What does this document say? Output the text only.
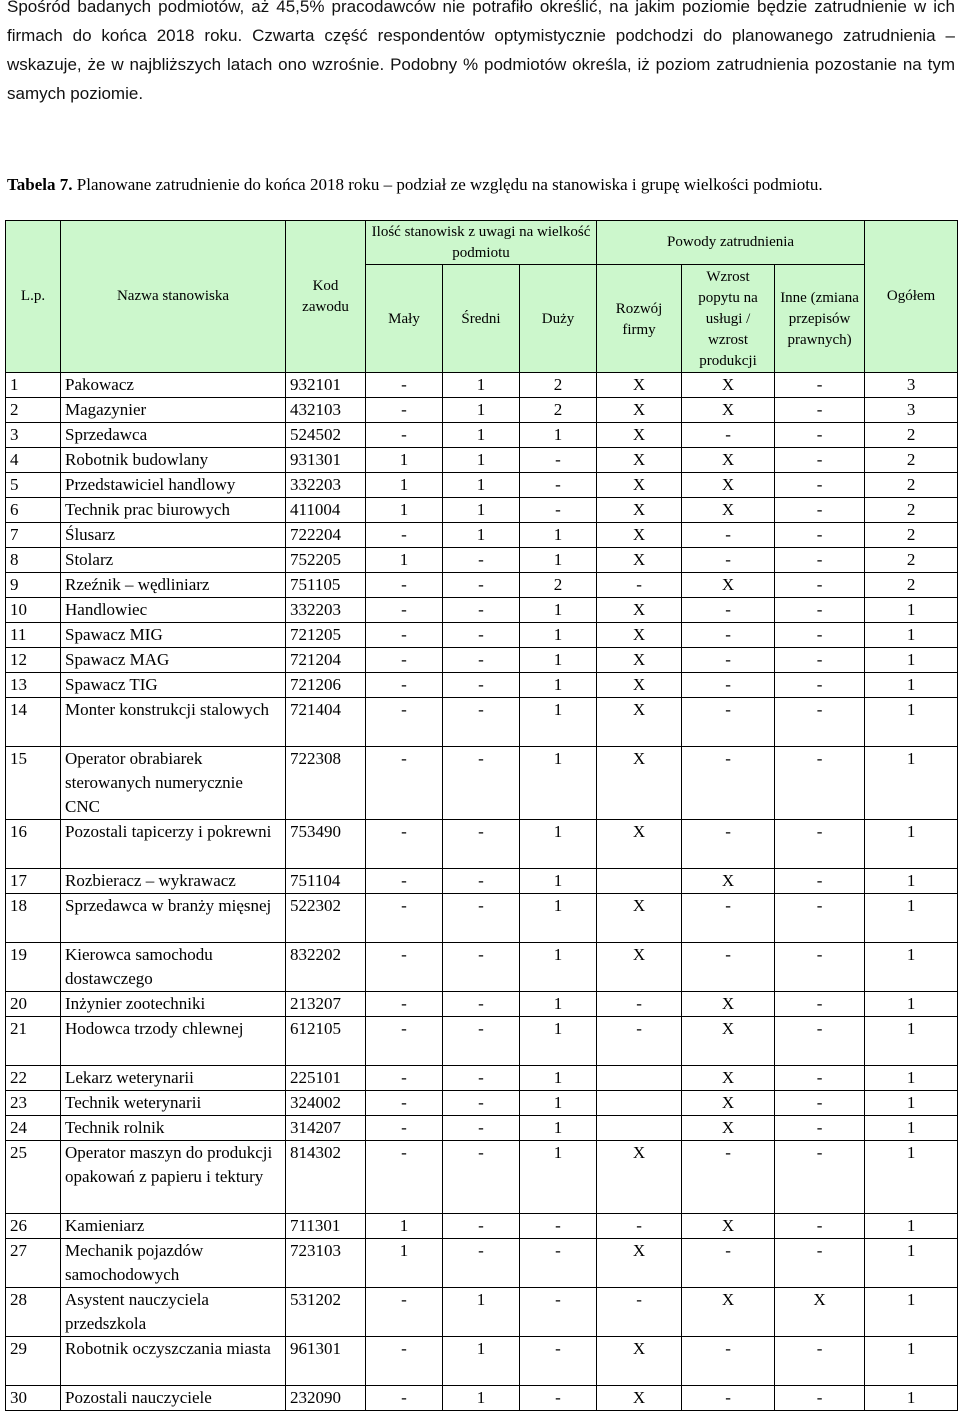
Spośród badanych podmiotów, aż 45,5% pracodawców nie potrafiło określić, na jakim poziomie będzie zatrudnienie w ich firmach do końca 2018 roku. Czwarta część respondentów optymistycznie podchodzi do planowanego zatrudnienia – wskazuje, że w najbliższych latach ono wzrośnie. Podobny % podmiotów określa, iż poziom zatrudnienia pozostanie na tym samych poziomie.
Tabela 7. Planowane zatrudnienie do końca 2018 roku – podział ze względu na stanowiska i grupę wielkości podmiotu.
L.p.	Nazwa stanowiska	Kod zawodu	Ilość stanowisk z uwagi na wielkość podmiotu			Powody zatrudnienia			Ogółem
			Mały	Średni	Duży	Rozwój firmy	Wzrost popytu na usługi / wzrost produkcji	Inne (zmiana przepisów prawnych)	
1	Pakowacz	932101	-	1	2	X	X	-	3
2	Magazynier	432103	-	1	2	X	X	-	3
3	Sprzedawca	524502	-	1	1	X	-	-	2
4	Robotnik budowlany	931301	1	1	-	X	X	-	2
5	Przedstawiciel handlowy	332203	1	1	-	X	X	-	2
6	Technik prac biurowych	411004	1	1	-	X	X	-	2
7	Ślusarz	722204	-	1	1	X	-	-	2
8	Stolarz	752205	1	-	1	X	-	-	2
9	Rzeźnik – wędliniarz	751105	-	-	2	-	X	-	2
10	Handlowiec	332203	-	-	1	X	-	-	1
11	Spawacz MIG	721205	-	-	1	X	-	-	1
12	Spawacz MAG	721204	-	-	1	X	-	-	1
13	Spawacz TIG	721206	-	-	1	X	-	-	1
14	Monter konstrukcji stalowych	721404	-	-	1	X	-	-	1
15	Operator obrabiarek sterowanych numerycznie CNC	722308	-	-	1	X	-	-	1
16	Pozostali tapicerzy i pokrewni	753490	-	-	1	X	-	-	1
17	Rozbieracz – wykrawacz	751104	-	-	1		X	-	1
18	Sprzedawca w branży mięsnej	522302	-	-	1	X	-	-	1
19	Kierowca samochodu dostawczego	832202	-	-	1	X	-	-	1
20	Inżynier zootechniki	213207	-	-	1	-	X	-	1
21	Hodowca trzody chlewnej	612105	-	-	1	-	X	-	1
22	Lekarz weterynarii	225101	-	-	1		X	-	1
23	Technik weterynarii	324002	-	-	1		X	-	1
24	Technik rolnik	314207	-	-	1		X	-	1
25	Operator maszyn do produkcji opakowań z papieru i tektury	814302	-	-	1	X	-	-	1
26	Kamieniarz	711301	1	-	-	-	X	-	1
27	Mechanik pojazdów samochodowych	723103	1	-	-	X	-	-	1
28	Asystent nauczyciela przedszkola	531202	-	1	-	-	X	X	1
29	Robotnik oczyszczania miasta	961301	-	1	-	X	-	-	1
30	Pozostali nauczyciele	232090	-	1	-	X	-	-	1
